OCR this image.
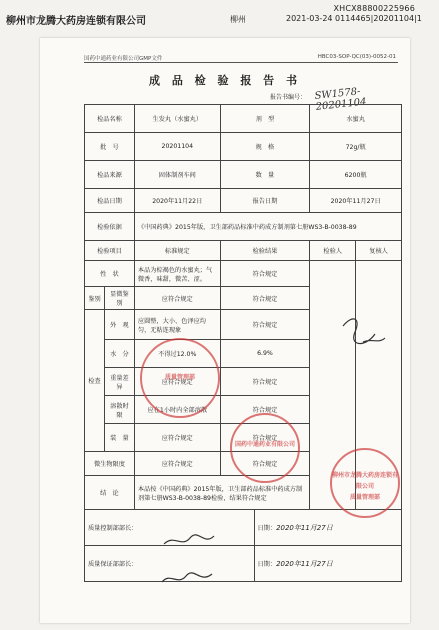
XHCX88800225966
柳州市龙腾大药房连锁有限公司	柳州	2021-03-24 0114465|20201104|1
国药中通药业有限公司GMP文件	HBC03-SOP-QC(03)-0052-01
成 品 检 验 报 告 书
报告书编号： SW1578-20201104
检品名称		生发丸（水蜜丸）	剂　型		水蜜丸	
批　号		20201104	规　格		72g/瓶	
检品来源		固体制剂车间	数　量		6200瓶	
检品日期		2020年11月22日	报告日期		2020年11月27日	
检验依据		《中国药典》2015年版，卫生部药品标准中药成方制剂第七册WS3-B-0038-89				
检验项目		标准规定	检验结果		检验人	复核人
性　状		本品为棕褐色的水蜜丸；气微香，味甜，微苦、涩。	符合规定			
鉴别	显微鉴别	应符合规定	符合规定			
检查	外　观	应圆整，大小、色泽应均匀，无粘连现象	符合规定			
	水　分	不得过12.0%	6.9%			
	重量差异	应符合规定	符合规定			
	溶散时限	应在1小时内全部溶散	符合规定			
	装　量	应符合规定	符合规定			
微生物限度		应符合规定	符合规定			
结　论		本品按《中国药典》2015年版，卫生部药品标准中药成方制剂第七册WS3-B-0038-89检验，结果符合规定				
质量控制部部长：				日期：2020年11月27日		
质量保证部部长：				日期：2020年11月27日		
质量管理部
国药中通药业有限公司
柳州市龙腾大药房连锁有限公司
质量管理部
